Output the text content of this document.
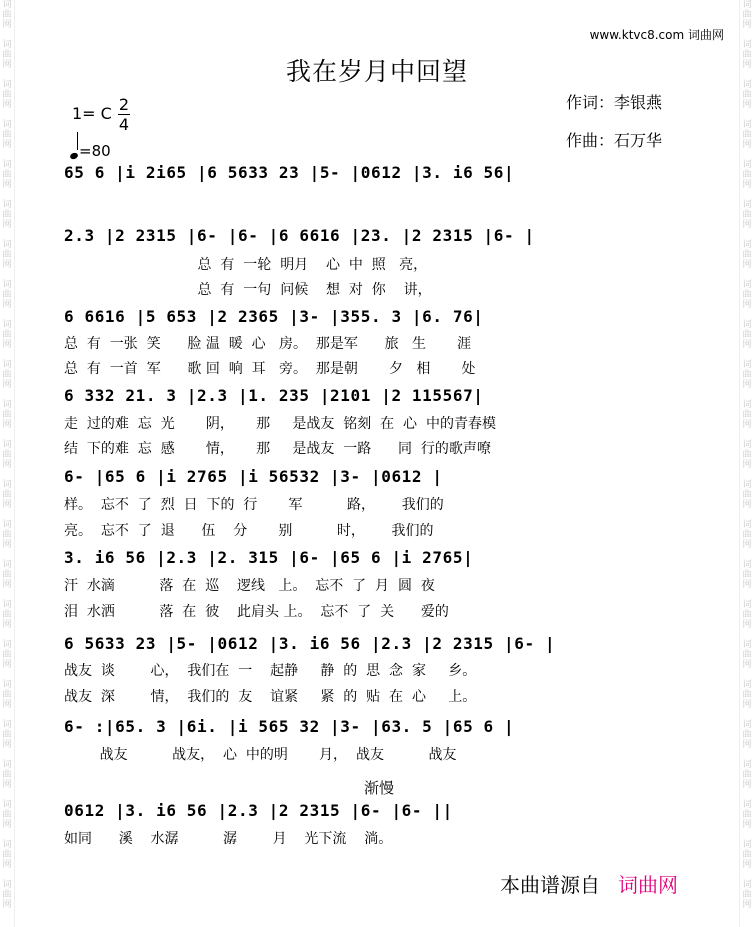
词
曲
网

词
曲
网

词
曲
网

词
曲
网

词
曲
网

词
曲
网

词
曲
网

词
曲
网

词
曲
网

词
曲
网

词
曲
网

词
曲
网

词
曲
网

词
曲
网

词
曲
网

词
曲
网

词
曲
网

词
曲
网

词
曲
网

词
曲
网

词
曲
网

词
曲
网

词
曲
网
词
曲
网

词
曲
网

词
曲
网

词
曲
网

词
曲
网

词
曲
网

词
曲
网

词
曲
网

词
曲
网

词
曲
网

词
曲
网

词
曲
网

词
曲
网

词
曲
网

词
曲
网

词
曲
网

词
曲
网

词
曲
网

词
曲
网

词
曲
网

词
曲
网

词
曲
网

词
曲
网
www.ktvc8.com 词曲网
我在岁月中回望
1= C 2
4
=80
作词：李银燕
作曲：石万华
65 6 |i 2i65 |6 5633 23 |5- |0612 |3. i6 56|
2.3 |2 2315 |6- |6- |6 6616 |23. |2 2315 |6- |
总  有  一轮  明月    心  中  照   亮，
总  有  一句  问候    想  对  你    讲，
6 6616 |5 653 |2 2365 |3- |355. 3 |6. 76|
总  有  一张  笑      脸 温  暖  心   房。  那是军      旅   生       涯
总  有  一首  军      歌 回  响  耳   旁。  那是朝       夕   相       处
6 332 21. 3 |2.3 |1. 235 |2101 |2 115567|
走  过的难  忘  光       阴，     那     是战友  铭刻  在  心  中的青春模
结  下的难  忘  感       情，     那     是战友  一路      同  行的歌声嘹
6- |65 6 |i 2765 |i 56532 |3- |0612 |
样。  忘不  了  烈  日  下的  行       军          路，      我们的
亮。  忘不  了  退      伍    分       别          时，      我们的
3. i6 56 |2.3 |2. 315 |6- |65 6 |i 2765|
汗  水滴          落  在  巡    逻线   上。  忘不  了  月  圆  夜
泪  水洒          落  在  彼    此肩头 上。  忘不  了  关      爱的
6 5633 23 |5- |0612 |3. i6 56 |2.3 |2 2315 |6- |
战友  谈        心，  我们在  一    起静     静  的  思  念  家     乡。
战友  深        情，  我们的  友    谊紧     紧  的  贴  在  心     上。
6- :|65. 3 |6i. |i 565 32 |3- |63. 5 |65 6 |
战友          战友，  心  中的明       月，  战友          战友
渐慢
0612 |3. i6 56 |2.3 |2 2315 |6- |6- ||
如同      溪    水潺          潺        月    光下流    淌。
本曲谱源自 词曲网
